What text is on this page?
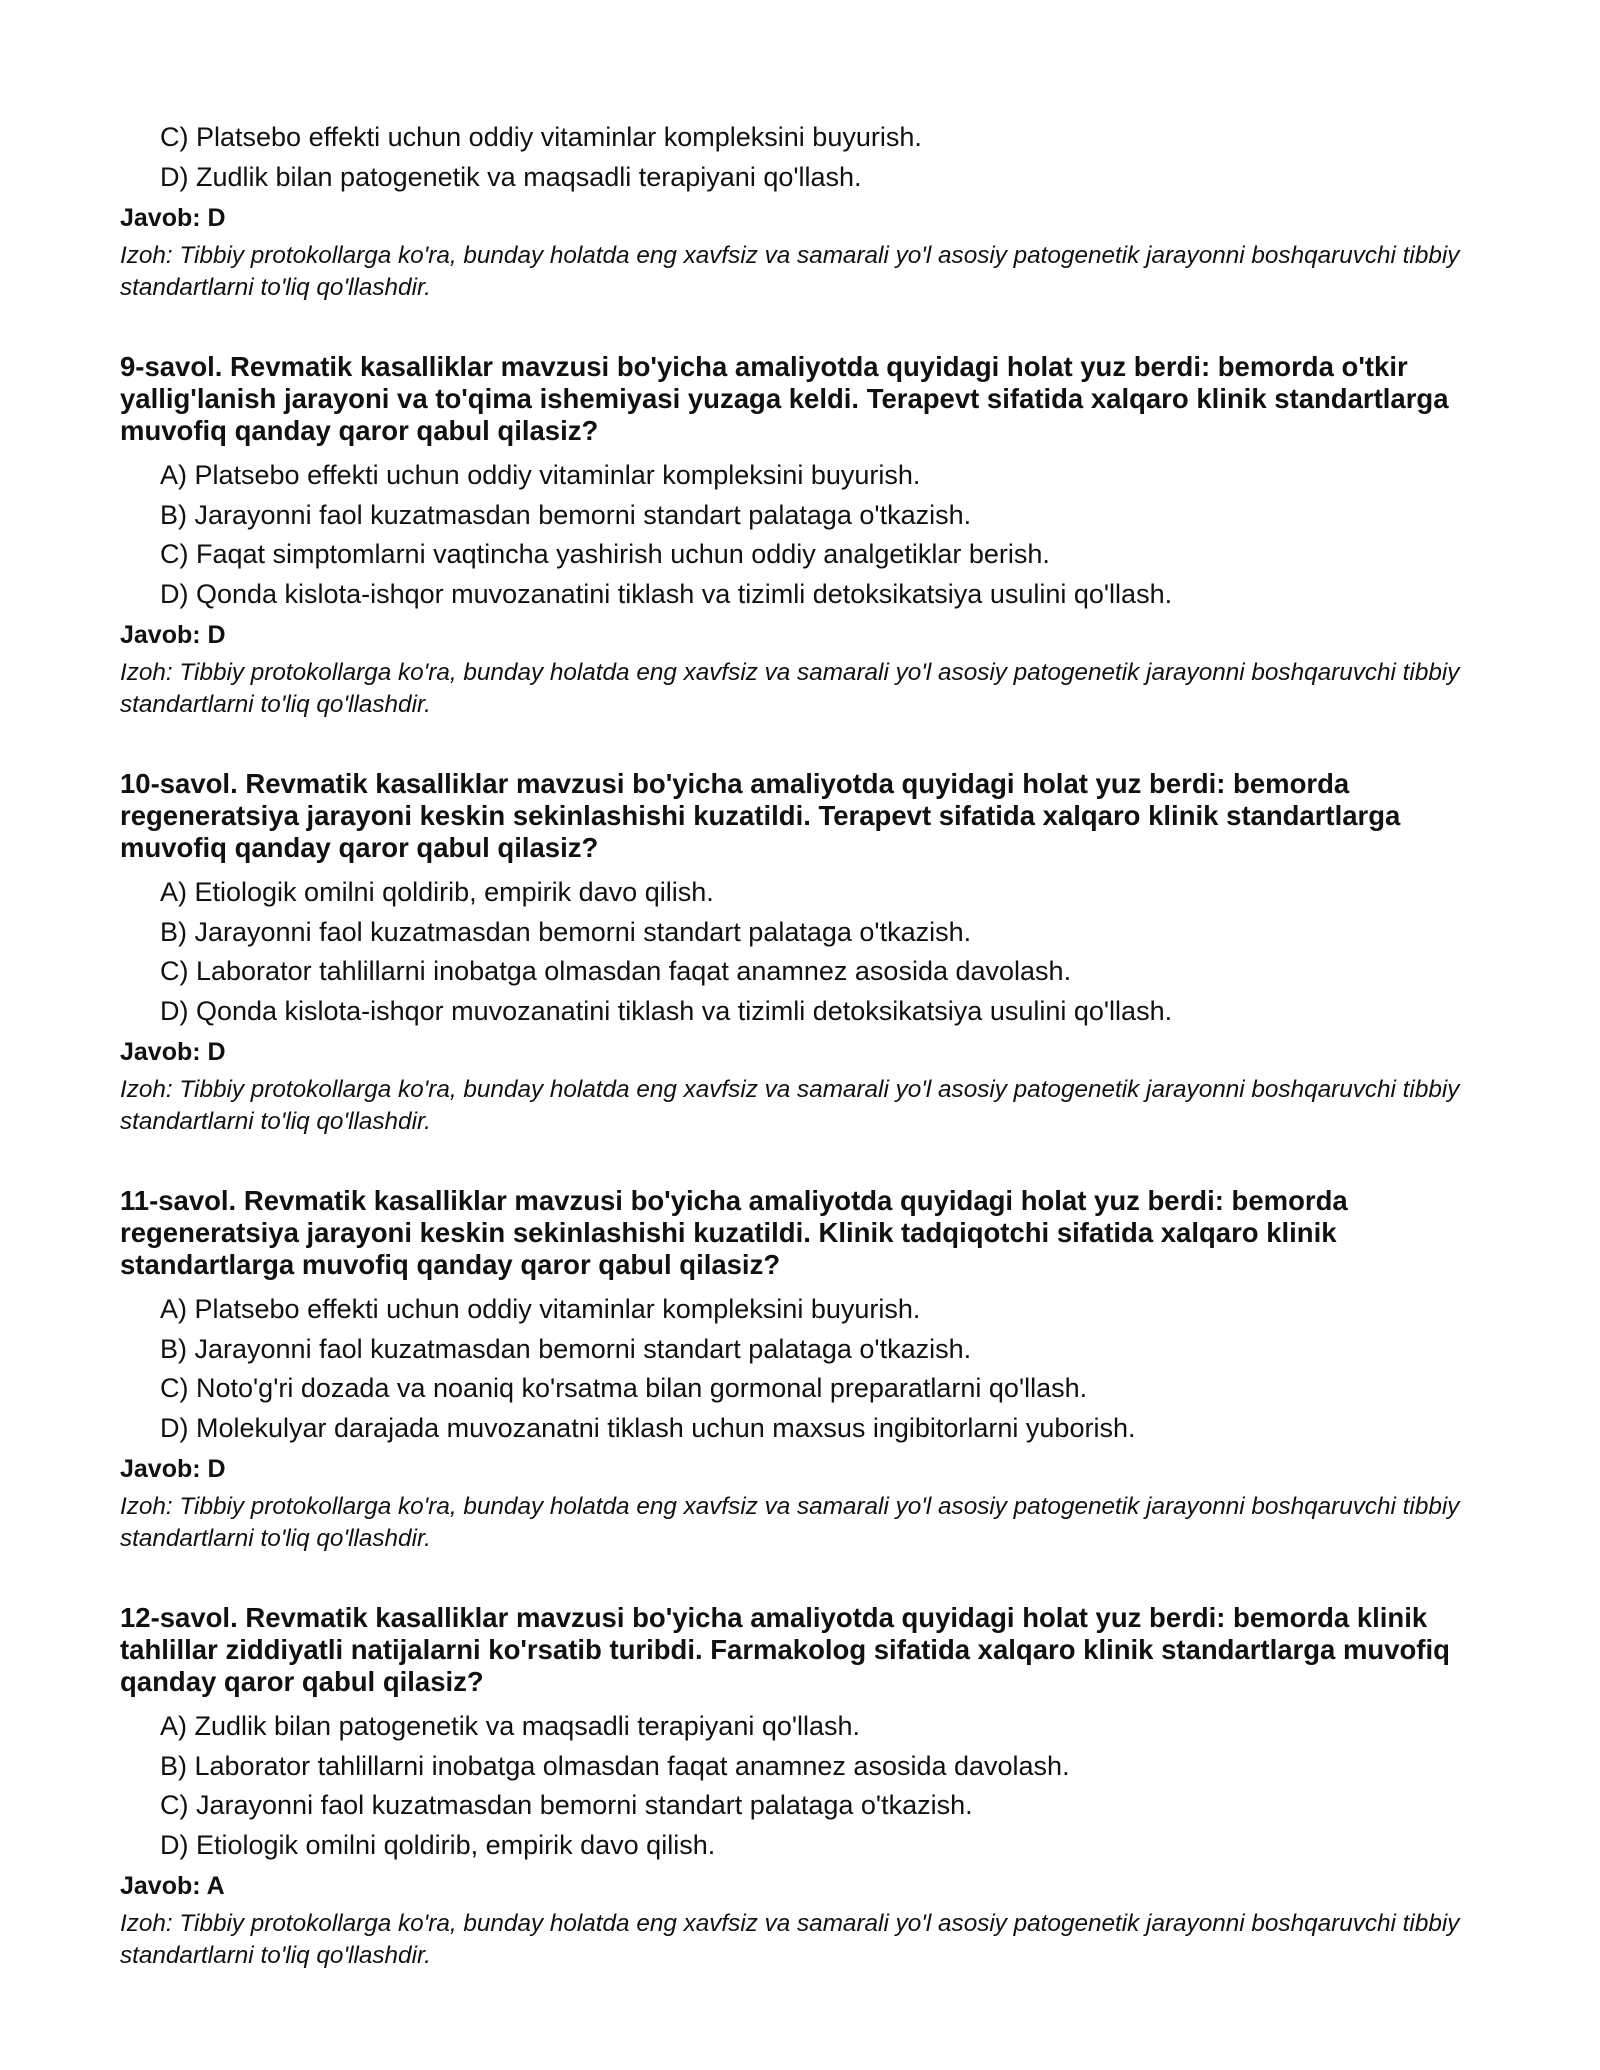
C) Platsebo effekti uchun oddiy vitaminlar kompleksini buyurish.
D) Zudlik bilan patogenetik va maqsadli terapiyani qo'llash.
Javob: D
Izoh: Tibbiy protokollarga ko'ra, bunday holatda eng xavfsiz va samarali yo'l asosiy patogenetik jarayonni boshqaruvchi tibbiy standartlarni to'liq qo'llashdir.
9-savol. Revmatik kasalliklar mavzusi bo'yicha amaliyotda quyidagi holat yuz berdi: bemorda o'tkir yallig'lanish jarayoni va to'qima ishemiyasi yuzaga keldi. Terapevt sifatida xalqaro klinik standartlarga muvofiq qanday qaror qabul qilasiz?
A) Platsebo effekti uchun oddiy vitaminlar kompleksini buyurish.
B) Jarayonni faol kuzatmasdan bemorni standart palataga o'tkazish.
C) Faqat simptomlarni vaqtincha yashirish uchun oddiy analgetiklar berish.
D) Qonda kislota-ishqor muvozanatini tiklash va tizimli detoksikatsiya usulini qo'llash.
Javob: D
Izoh: Tibbiy protokollarga ko'ra, bunday holatda eng xavfsiz va samarali yo'l asosiy patogenetik jarayonni boshqaruvchi tibbiy standartlarni to'liq qo'llashdir.
10-savol. Revmatik kasalliklar mavzusi bo'yicha amaliyotda quyidagi holat yuz berdi: bemorda regeneratsiya jarayoni keskin sekinlashishi kuzatildi. Terapevt sifatida xalqaro klinik standartlarga muvofiq qanday qaror qabul qilasiz?
A) Etiologik omilni qoldirib, empirik davo qilish.
B) Jarayonni faol kuzatmasdan bemorni standart palataga o'tkazish.
C) Laborator tahlillarni inobatga olmasdan faqat anamnez asosida davolash.
D) Qonda kislota-ishqor muvozanatini tiklash va tizimli detoksikatsiya usulini qo'llash.
Javob: D
Izoh: Tibbiy protokollarga ko'ra, bunday holatda eng xavfsiz va samarali yo'l asosiy patogenetik jarayonni boshqaruvchi tibbiy standartlarni to'liq qo'llashdir.
11-savol. Revmatik kasalliklar mavzusi bo'yicha amaliyotda quyidagi holat yuz berdi: bemorda regeneratsiya jarayoni keskin sekinlashishi kuzatildi. Klinik tadqiqotchi sifatida xalqaro klinik standartlarga muvofiq qanday qaror qabul qilasiz?
A) Platsebo effekti uchun oddiy vitaminlar kompleksini buyurish.
B) Jarayonni faol kuzatmasdan bemorni standart palataga o'tkazish.
C) Noto'g'ri dozada va noaniq ko'rsatma bilan gormonal preparatlarni qo'llash.
D) Molekulyar darajada muvozanatni tiklash uchun maxsus ingibitorlarni yuborish.
Javob: D
Izoh: Tibbiy protokollarga ko'ra, bunday holatda eng xavfsiz va samarali yo'l asosiy patogenetik jarayonni boshqaruvchi tibbiy standartlarni to'liq qo'llashdir.
12-savol. Revmatik kasalliklar mavzusi bo'yicha amaliyotda quyidagi holat yuz berdi: bemorda klinik tahlillar ziddiyatli natijalarni ko'rsatib turibdi. Farmakolog sifatida xalqaro klinik standartlarga muvofiq qanday qaror qabul qilasiz?
A) Zudlik bilan patogenetik va maqsadli terapiyani qo'llash.
B) Laborator tahlillarni inobatga olmasdan faqat anamnez asosida davolash.
C) Jarayonni faol kuzatmasdan bemorni standart palataga o'tkazish.
D) Etiologik omilni qoldirib, empirik davo qilish.
Javob: A
Izoh: Tibbiy protokollarga ko'ra, bunday holatda eng xavfsiz va samarali yo'l asosiy patogenetik jarayonni boshqaruvchi tibbiy standartlarni to'liq qo'llashdir.
